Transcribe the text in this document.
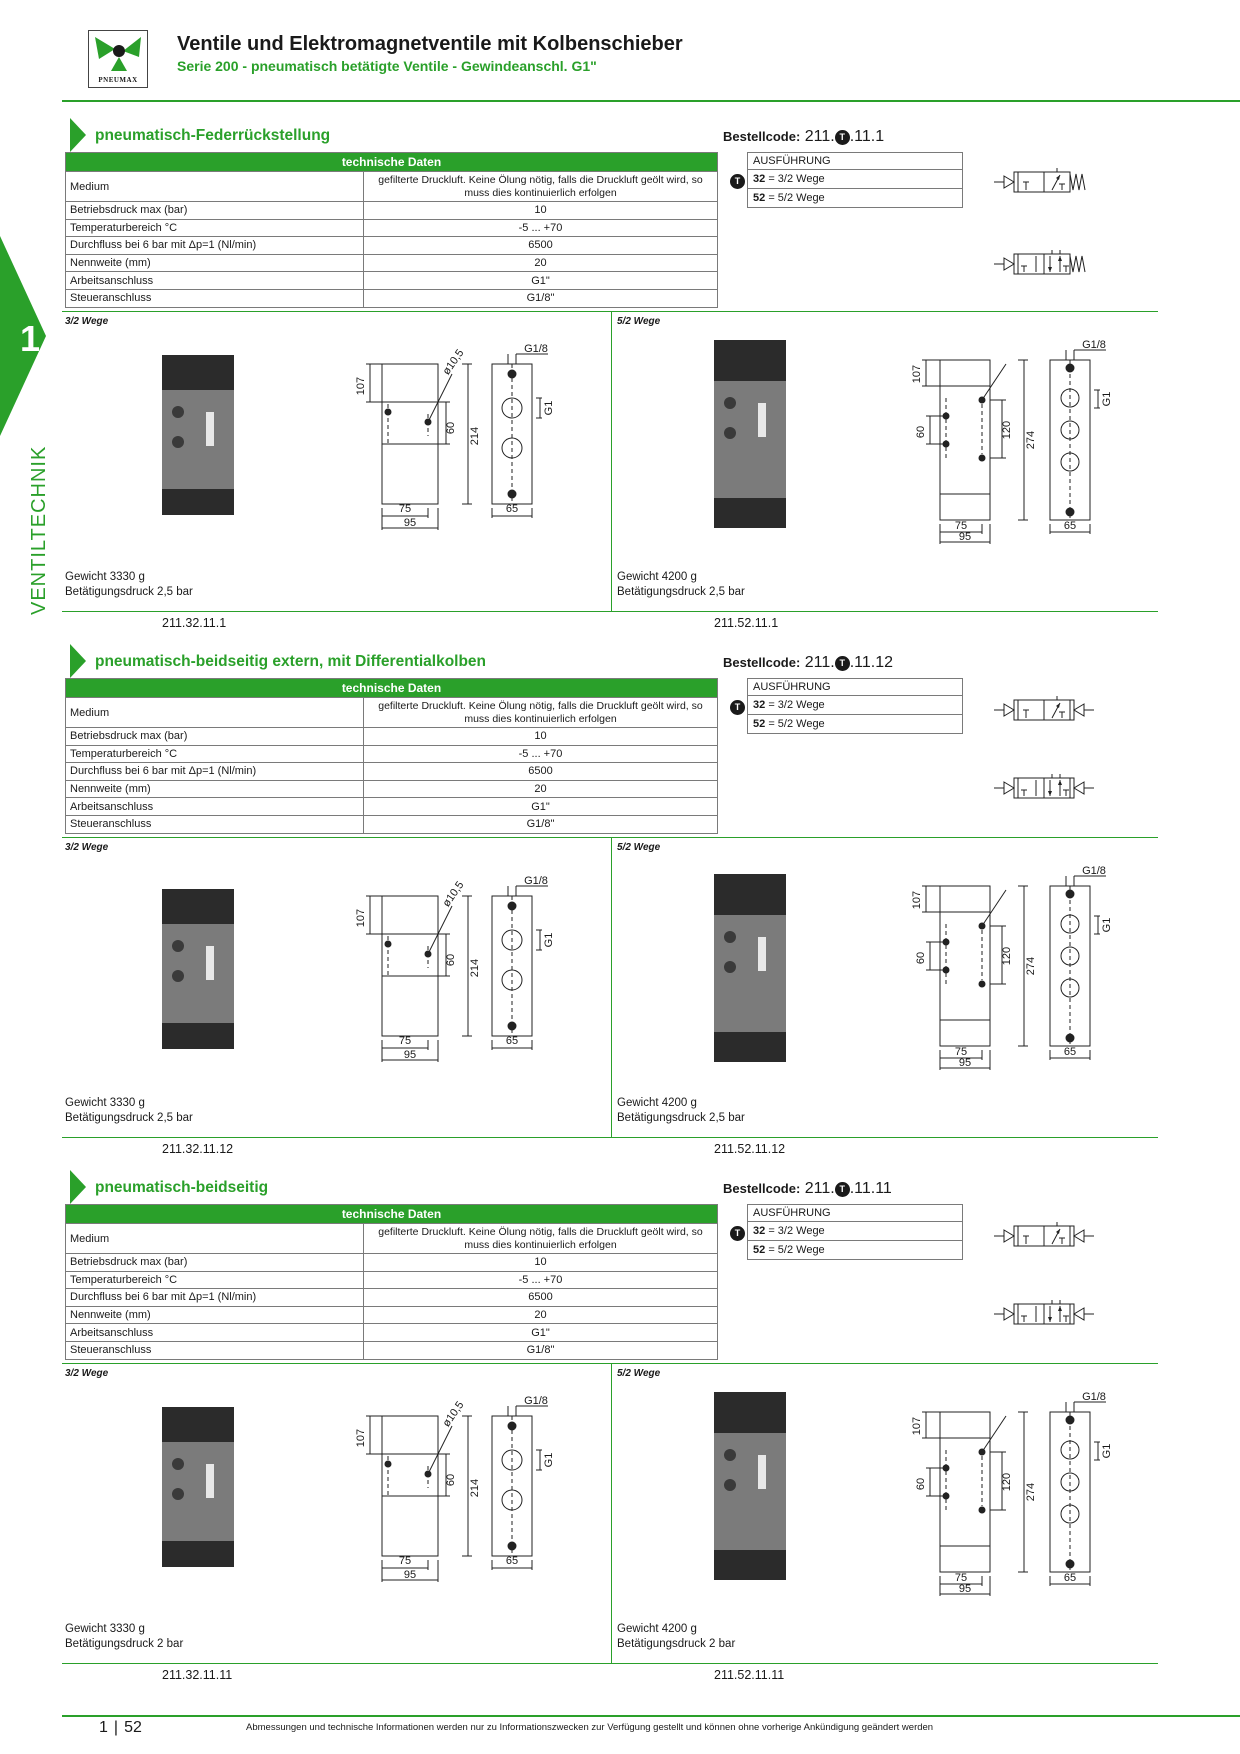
PNEUMAX
Ventile und Elektromagnetventile mit Kolbenschieber
Serie 200 - pneumatisch betätigte Ventile - Gewindeanschl. G1"
1
VENTILTECHNIK
pneumatisch-Federrückstellung	Bestellcode: 211. T .11.1
technische Daten	
Medium	gefilterte Druckluft. Keine Ölung nötig, falls die Druckluft geölt wird, so muss dies kontinuierlich erfolgen
Betriebsdruck max (bar)	10
Temperaturbereich °C	-5 ... +70
Durchfluss bei 6 bar mit Δp=1 (Nl/min)	6500
Nennweite (mm)	20
Arbeitsanschluss	G1"
Steueranschluss	G1/8"
AUSFÜHRUNG
T	32 = 3/2 Wege
52 = 5/2 Wege
3/2 Wege	5/2 Wege
107
60 214
ø10,5
75
95
65
G1/8
G1
107
60	120
274
75
95
65
G1/8
G1
Gewicht 3330 g
Betätigungsdruck 2,5 bar
Gewicht 4200 g
Betätigungsdruck 2,5 bar
211.32.11.1	211.52.11.1
pneumatisch-beidseitig extern, mit Differentialkolben	Bestellcode: 211. T .11.12
technische Daten	
Medium	gefilterte Druckluft. Keine Ölung nötig, falls die Druckluft geölt wird, so muss dies kontinuierlich erfolgen
Betriebsdruck max (bar)	10
Temperaturbereich °C	-5 ... +70
Durchfluss bei 6 bar mit Δp=1 (Nl/min)	6500
Nennweite (mm)	20
Arbeitsanschluss	G1"
Steueranschluss	G1/8"
AUSFÜHRUNG
T	32 = 3/2 Wege
52 = 5/2 Wege
3/2 Wege	5/2 Wege
107
60 214
ø10,5
75
95
65
G1/8
G1
107
60	120
274
75
95
65
G1/8
G1
Gewicht 3330 g
Betätigungsdruck 2,5 bar
Gewicht 4200 g
Betätigungsdruck 2,5 bar
211.32.11.12	211.52.11.12
pneumatisch-beidseitig	Bestellcode: 211. T .11.11
technische Daten	
Medium	gefilterte Druckluft. Keine Ölung nötig, falls die Druckluft geölt wird, so muss dies kontinuierlich erfolgen
Betriebsdruck max (bar)	10
Temperaturbereich °C	-5 ... +70
Durchfluss bei 6 bar mit Δp=1 (Nl/min)	6500
Nennweite (mm)	20
Arbeitsanschluss	G1"
Steueranschluss	G1/8"
AUSFÜHRUNG
T	32 = 3/2 Wege
52 = 5/2 Wege
3/2 Wege	5/2 Wege
107
60 214
ø10,5
75
95
65
G1/8
G1
107
60	120
274
75
95
65
G1/8
G1
Gewicht 3330 g
Betätigungsdruck 2 bar
Gewicht 4200 g
Betätigungsdruck 2 bar
211.32.11.11	211.52.11.11
1 | 52	Abmessungen und technische Informationen werden nur zu Informationszwecken zur Verfügung gestellt und können ohne vorherige Ankündigung geändert werden
